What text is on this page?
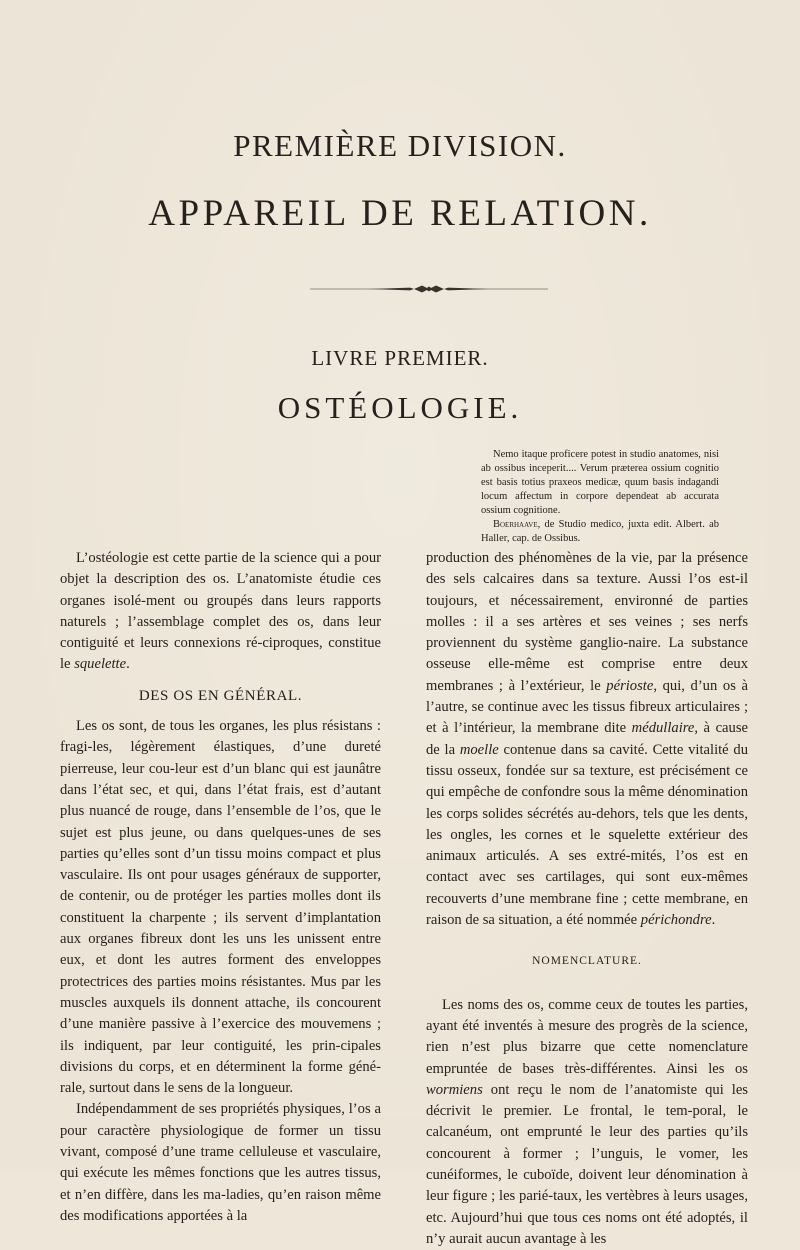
PREMIÈRE DIVISION.
APPAREIL DE RELATION.
LIVRE PREMIER.
OSTÉOLOGIE.

Nemo itaque proficere potest in studio anatomes, nisi ab ossibus inceperit.... Verum præterea ossium cognitio est basis totius praxeos medicæ, quum basis indagandi locum affectum in corpore dependeat ab accurata ossium cognitione.

Boerhaave, de Studio medico, juxta edit. Albert. ab Haller, cap. de Ossibus.

L’ostéologie est cette partie de la science qui a pour objet la description des os. L’anatomiste étudie ces organes isolé-ment ou groupés dans leurs rapports naturels ; l’assemblage complet des os, dans leur contiguité et leurs connexions ré-ciproques, constitue le squelette.

DES OS EN GÉNÉRAL.

Les os sont, de tous les organes, les plus résistans : fragi-les, légèrement élastiques, d’une dureté pierreuse, leur cou-leur est d’un blanc qui est jaunâtre dans l’état sec, et qui, dans l’état frais, est d’autant plus nuancé de rouge, dans l’ensemble de l’os, que le sujet est plus jeune, ou dans quelques-unes de ses parties qu’elles sont d’un tissu moins compact et plus vasculaire. Ils ont pour usages généraux de supporter, de contenir, ou de protéger les parties molles dont ils constituent la charpente ; ils servent d’implantation aux organes fibreux dont les uns les unissent entre eux, et dont les autres forment des enveloppes protectrices des parties moins résistantes. Mus par les muscles auxquels ils donnent attache, ils concourent d’une manière passive à l’exercice des mouvemens ; ils indiquent, par leur contiguité, les prin-cipales divisions du corps, et en déterminent la forme géné-rale, surtout dans le sens de la longueur.

Indépendamment de ses propriétés physiques, l’os a pour caractère physiologique de former un tissu vivant, composé d’une trame celluleuse et vasculaire, qui exécute les mêmes fonctions que les autres tissus, et n’en diffère, dans les ma-ladies, qu’en raison même des modifications apportées à la

production des phénomènes de la vie, par la présence des sels calcaires dans sa texture. Aussi l’os est-il toujours, et nécessairement, environné de parties molles : il a ses artères et ses veines ; ses nerfs proviennent du système ganglio-naire. La substance osseuse elle-même est comprise entre deux membranes ; à l’extérieur, le périoste, qui, d’un os à l’autre, se continue avec les tissus fibreux articulaires ; et à l’intérieur, la membrane dite médullaire, à cause de la moelle contenue dans sa cavité. Cette vitalité du tissu osseux, fondée sur sa texture, est précisément ce qui empêche de confondre sous la même dénomination les corps solides sécrétés au-dehors, tels que les dents, les ongles, les cornes et le squelette extérieur des animaux articulés. A ses extré-mités, l’os est en contact avec ses cartilages, qui sont eux-mêmes recouverts d’une membrane fine ; cette membrane, en raison de sa situation, a été nommée périchondre.

NOMENCLATURE.

Les noms des os, comme ceux de toutes les parties, ayant été inventés à mesure des progrès de la science, rien n’est plus bizarre que cette nomenclature empruntée de bases très-différentes. Ainsi les os wormiens ont reçu le nom de l’anatomiste qui les décrivit le premier. Le frontal, le tem-poral, le calcanéum, ont emprunté le leur des parties qu’ils concourent à former ; l’unguis, le vomer, les cunéiformes, le cuboïde, doivent leur dénomination à leur figure ; les parié-taux, les vertèbres à leurs usages, etc. Aujourd’hui que tous ces noms ont été adoptés, il n’y aurait aucun avantage à les
